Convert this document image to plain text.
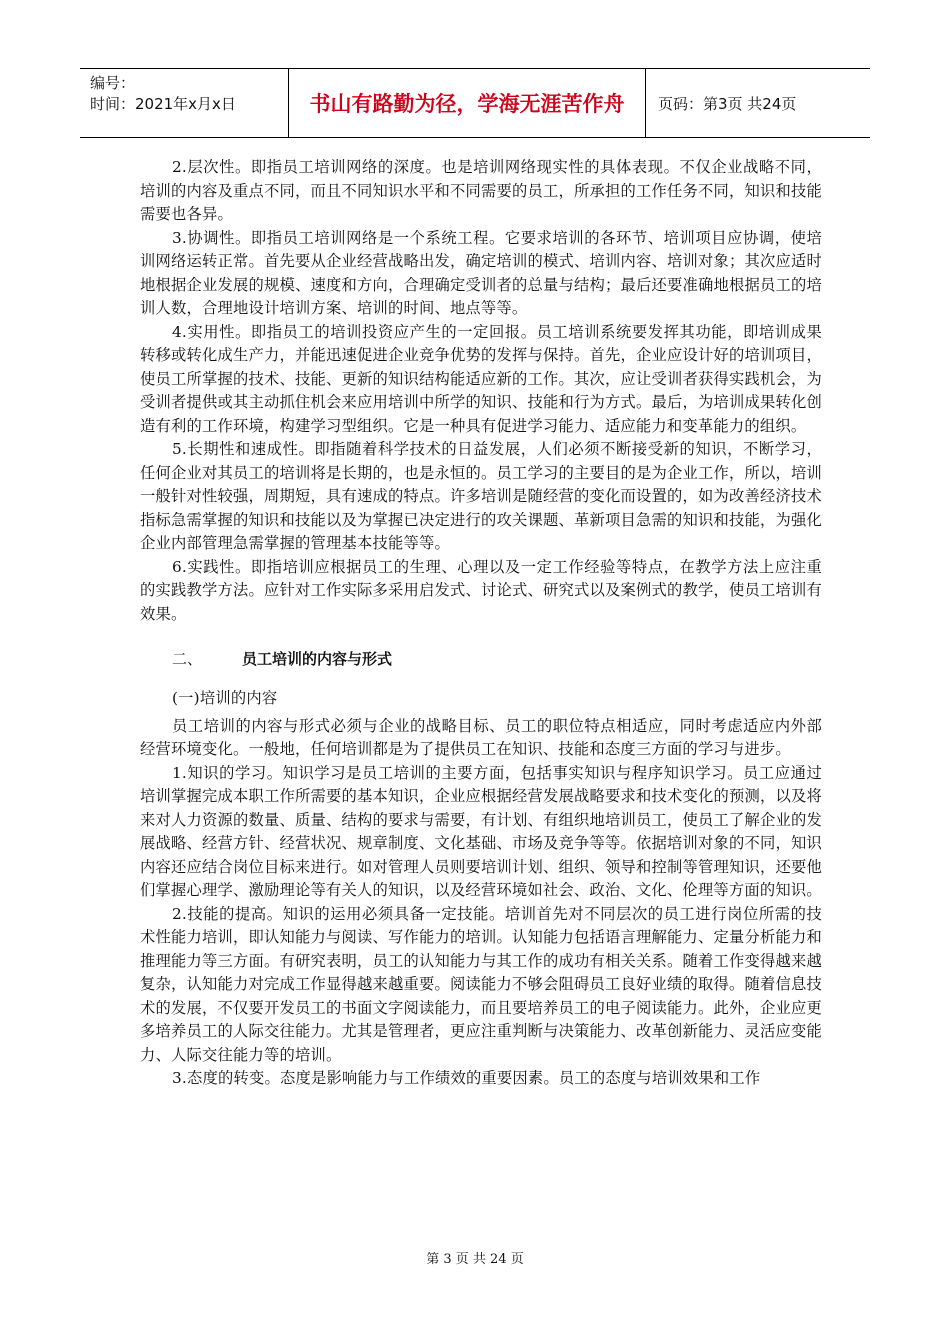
编号：
时间：2021年x月x日	书山有路勤为径，学海无涯苦作舟	页码：第3页 共24页

2.层次性。即指员工培训网络的深度。也是培训网络现实性的具体表现。不仅企业战略不同，培训的内容及重点不同，而且不同知识水平和不同需要的员工，所承担的工作任务不同，知识和技能需要也各异。

3.协调性。即指员工培训网络是一个系统工程。它要求培训的各环节、培训项目应协调，使培训网络运转正常。首先要从企业经营战略出发，确定培训的模式、培训内容、培训对象；其次应适时地根据企业发展的规模、速度和方向，合理确定受训者的总量与结构；最后还要准确地根据员工的培训人数，合理地设计培训方案、培训的时间、地点等等。

4.实用性。即指员工的培训投资应产生的一定回报。员工培训系统要发挥其功能，即培训成果转移或转化成生产力，并能迅速促进企业竞争优势的发挥与保持。首先，企业应设计好的培训项目，使员工所掌握的技术、技能、更新的知识结构能适应新的工作。其次，应让受训者获得实践机会，为受训者提供或其主动抓住机会来应用培训中所学的知识、技能和行为方式。最后，为培训成果转化创造有利的工作环境，构建学习型组织。它是一种具有促进学习能力、适应能力和变革能力的组织。

5.长期性和速成性。即指随着科学技术的日益发展，人们必须不断接受新的知识，不断学习，任何企业对其员工的培训将是长期的，也是永恒的。员工学习的主要目的是为企业工作，所以，培训一般针对性较强，周期短，具有速成的特点。许多培训是随经营的变化而设置的，如为改善经济技术指标急需掌握的知识和技能以及为掌握已决定进行的攻关课题、革新项目急需的知识和技能，为强化企业内部管理急需掌握的管理基本技能等等。

6.实践性。即指培训应根据员工的生理、心理以及一定工作经验等特点，在教学方法上应注重的实践教学方法。应针对工作实际多采用启发式、讨论式、研究式以及案例式的教学，使员工培训有效果。

二、	员工培训的内容与形式

(一)培训的内容

员工培训的内容与形式必须与企业的战略目标、员工的职位特点相适应，同时考虑适应内外部经营环境变化。一般地，任何培训都是为了提供员工在知识、技能和态度三方面的学习与进步。

1.知识的学习。知识学习是员工培训的主要方面，包括事实知识与程序知识学习。员工应通过培训掌握完成本职工作所需要的基本知识，企业应根据经营发展战略要求和技术变化的预测，以及将来对人力资源的数量、质量、结构的要求与需要，有计划、有组织地培训员工，使员工了解企业的发展战略、经营方针、经营状况、规章制度、文化基础、市场及竞争等等。依据培训对象的不同，知识内容还应结合岗位目标来进行。如对管理人员则要培训计划、组织、领导和控制等管理知识，还要他们掌握心理学、激励理论等有关人的知识，以及经营环境如社会、政治、文化、伦理等方面的知识。

2.技能的提高。知识的运用必须具备一定技能。培训首先对不同层次的员工进行岗位所需的技术性能力培训，即认知能力与阅读、写作能力的培训。认知能力包括语言理解能力、定量分析能力和推理能力等三方面。有研究表明，员工的认知能力与其工作的成功有相关关系。随着工作变得越来越复杂，认知能力对完成工作显得越来越重要。阅读能力不够会阻碍员工良好业绩的取得。随着信息技术的发展，不仅要开发员工的书面文字阅读能力，而且要培养员工的电子阅读能力。此外，企业应更多培养员工的人际交往能力。尤其是管理者，更应注重判断与决策能力、改革创新能力、灵活应变能力、人际交往能力等的培训。

3.态度的转变。态度是影响能力与工作绩效的重要因素。员工的态度与培训效果和工作

第 3 页 共 24 页
